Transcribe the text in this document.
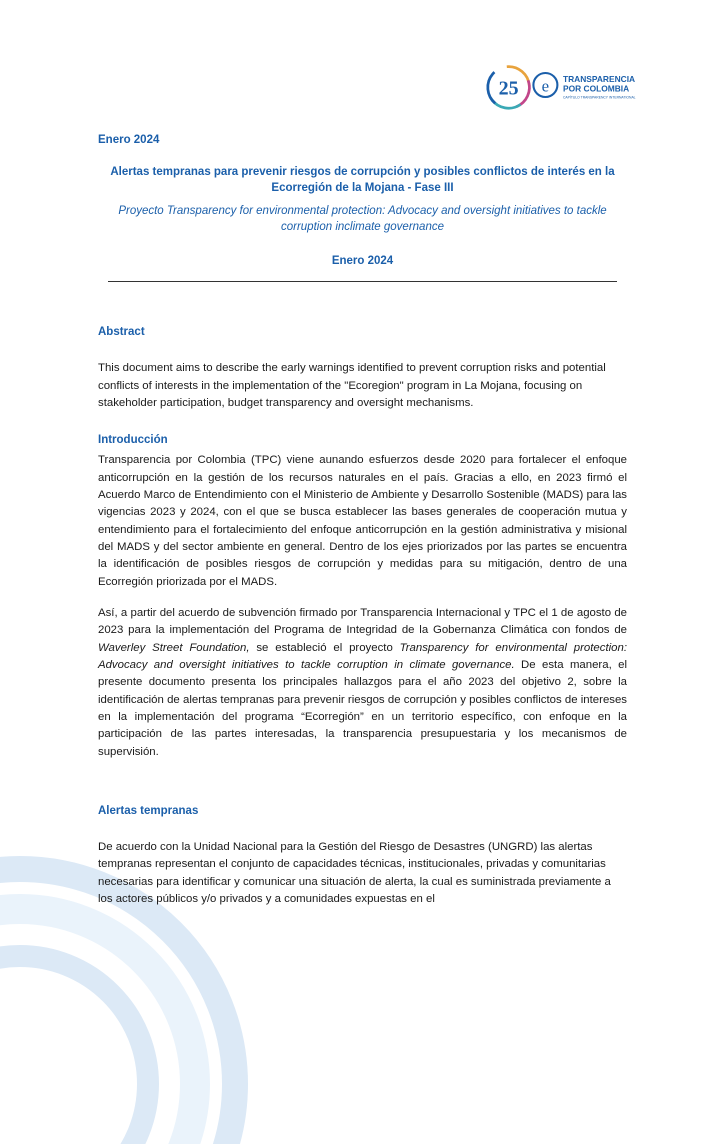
25 e TRANSPARENCIA
POR COLOMBIA
CAPÍTULO TRANSPARENCY INTERNATIONAL
Enero 2024
Alertas tempranas para prevenir riesgos de corrupción y posibles conflictos de interés en la Ecorregión de la Mojana - Fase III
Proyecto Transparency for environmental protection: Advocacy and oversight initiatives to tackle corruption inclimate governance
Enero 2024
Abstract

This document aims to describe the early warnings identified to prevent corruption risks and potential conflicts of interests in the implementation of the "Ecoregion" program in La Mojana, focusing on stakeholder participation, budget transparency and oversight mechanisms.

Introducción

Transparencia por Colombia (TPC) viene aunando esfuerzos desde 2020 para fortalecer el enfoque anticorrupción en la gestión de los recursos naturales en el país. Gracias a ello, en 2023 firmó el Acuerdo Marco de Entendimiento con el Ministerio de Ambiente y Desarrollo Sostenible (MADS) para las vigencias 2023 y 2024, con el que se busca establecer las bases generales de cooperación mutua y entendimiento para el fortalecimiento del enfoque anticorrupción en la gestión administrativa y misional del MADS y del sector ambiente en general. Dentro de los ejes priorizados por las partes se encuentra la identificación de posibles riesgos de corrupción y medidas para su mitigación, dentro de una Ecorregión priorizada por el MADS.

Así, a partir del acuerdo de subvención firmado por Transparencia Internacional y TPC el 1 de agosto de 2023 para la implementación del Programa de Integridad de la Gobernanza Climática con fondos de Waverley Street Foundation, se estableció el proyecto Transparency for environmental protection: Advocacy and oversight initiatives to tackle corruption in climate governance. De esta manera, el presente documento presenta los principales hallazgos para el año 2023 del objetivo 2, sobre la identificación de alertas tempranas para prevenir riesgos de corrupción y posibles conflictos de intereses en la implementación del programa “Ecorregión” en un territorio específico, con enfoque en la participación de las partes interesadas, la transparencia presupuestaria y los mecanismos de supervisión.

Alertas tempranas

De acuerdo con la Unidad Nacional para la Gestión del Riesgo de Desastres (UNGRD) las alertas tempranas representan el conjunto de capacidades técnicas, institucionales, privadas y comunitarias necesarias para identificar y comunicar una situación de alerta, la cual es suministrada previamente a los actores públicos y/o privados y a comunidades expuestas en el
